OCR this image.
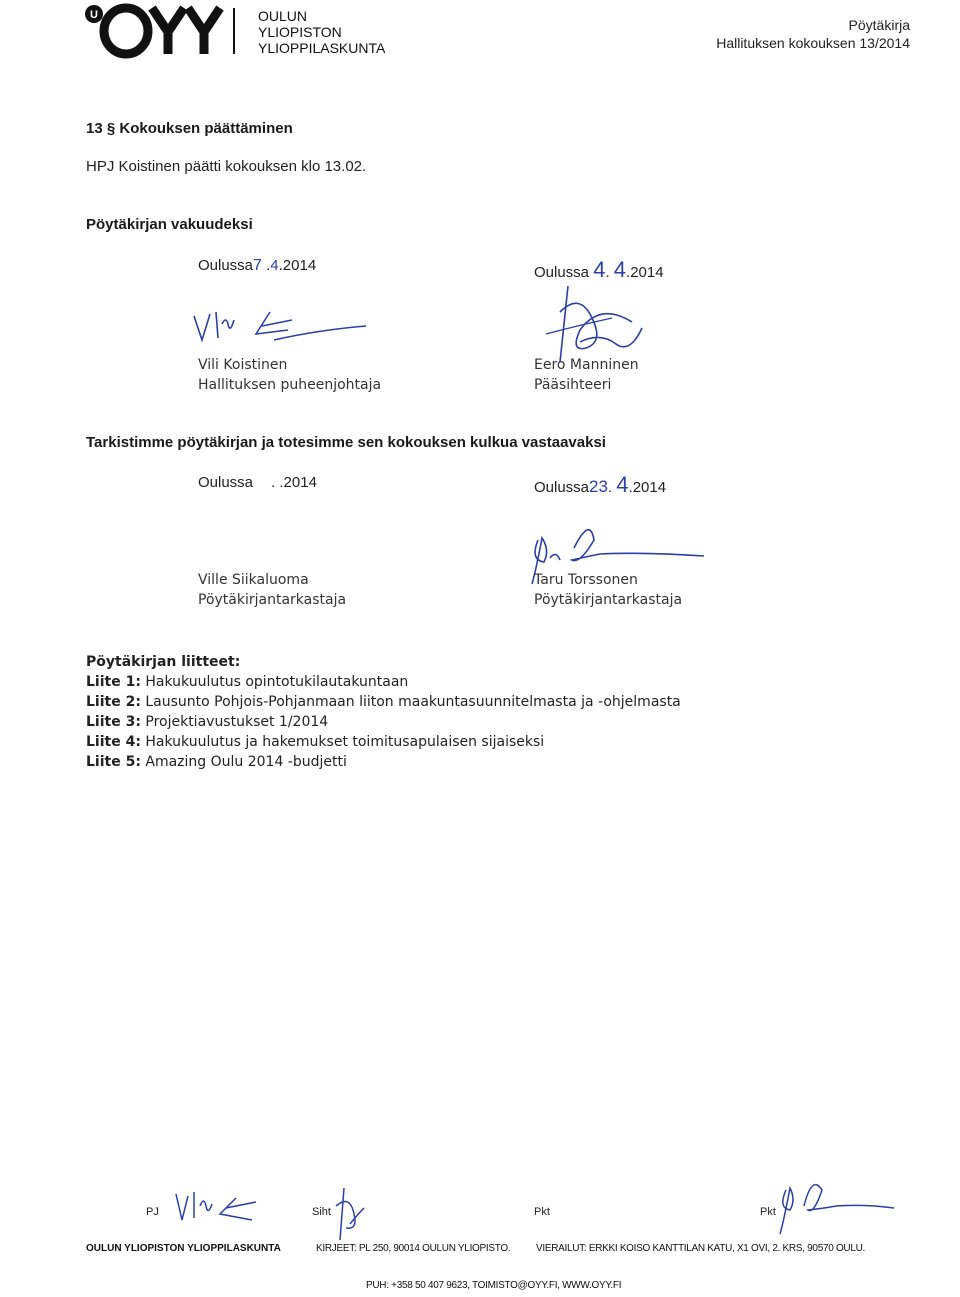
U	OULUN
YLIOPISTON
YLIOPPILASKUNTA
Pöytäkirja
Hallituksen kokouksen 13/2014
13 § Kokouksen päättäminen
HPJ Koistinen päätti kokouksen klo 13.02.
Pöytäkirjan vakuudeksi
Oulussa7 .4.2014	Oulussa 4. 4.2014
Vili Koistinen
Hallituksen puheenjohtaja
Eero Manninen
Pääsihteeri
Tarkistimme pöytäkirjan ja totesimme sen kokouksen kulkua vastaavaksi
Oulussa . .2014	Oulussa23. 4.2014
Ville Siikaluoma
Pöytäkirjantarkastaja
Taru Torssonen
Pöytäkirjantarkastaja
Pöytäkirjan liitteet:
Liite 1: Hakukuulutus opintotukilautakuntaan
Liite 2: Lausunto Pohjois-Pohjanmaan liiton maakuntasuunnitelmasta ja -ohjelmasta
Liite 3: Projektiavustukset 1/2014
Liite 4: Hakukuulutus ja hakemukset toimitusapulaisen sijaiseksi
Liite 5: Amazing Oulu 2014 -budjetti
PJ	Siht	Pkt	Pkt
OULUN YLIOPISTON YLIOPPILASKUNTA	KIRJEET: PL 250, 90014 OULUN YLIOPISTO.	VIERAILUT: ERKKI KOISO KANTTILAN KATU, X1 OVI, 2. KRS, 90570 OULU.
PUH: +358 50 407 9623, TOIMISTO@OYY.FI, WWW.OYY.FI
